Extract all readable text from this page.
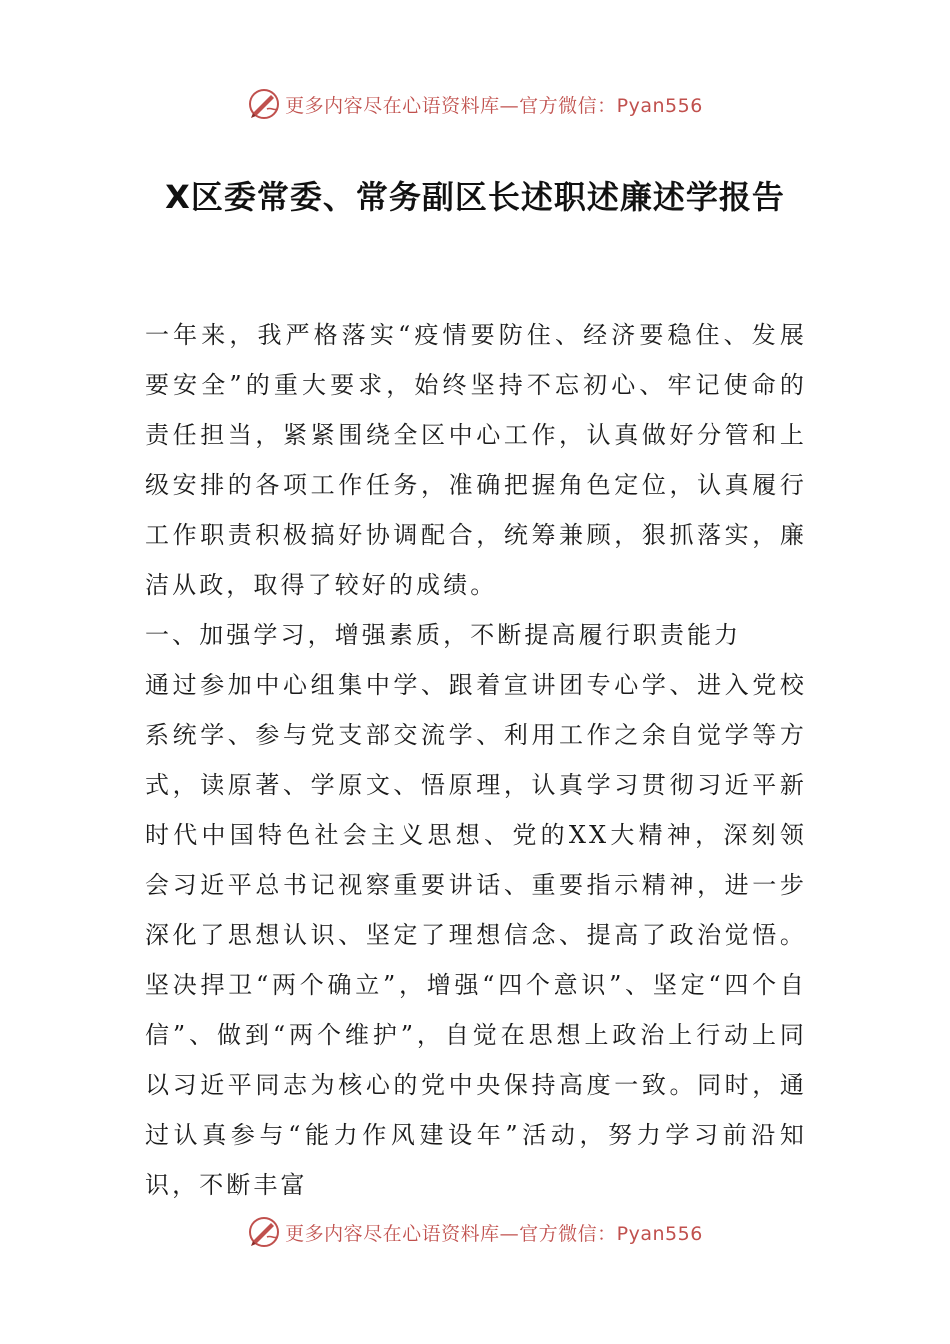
更多内容尽在心语资料库—官方微信：Pyan556
X区委常委、常务副区长述职述廉述学报告

一年来，我严格落实“疫情要防住、经济要稳住、发展要安全”的重大要求，始终坚持不忘初心、牢记使命的责任担当，紧紧围绕全区中心工作，认真做好分管和上级安排的各项工作任务，准确把握角色定位，认真履行工作职责积极搞好协调配合，统筹兼顾，狠抓落实，廉洁从政，取得了较好的成绩。

一、加强学习，增强素质，不断提高履行职责能力

通过参加中心组集中学、跟着宣讲团专心学、进入党校系统学、参与党支部交流学、利用工作之余自觉学等方式，读原著、学原文、悟原理，认真学习贯彻习近平新时代中国特色社会主义思想、党的XX大精神，深刻领会习近平总书记视察重要讲话、重要指示精神，进一步深化了思想认识、坚定了理想信念、提高了政治觉悟。坚决捍卫“两个确立”，增强“四个意识”、坚定“四个自信”、做到“两个维护”，自觉在思想上政治上行动上同以习近平同志为核心的党中央保持高度一致。同时，通过认真参与“能力作风建设年”活动，努力学习前沿知识，不断丰富

更多内容尽在心语资料库—官方微信：Pyan556
